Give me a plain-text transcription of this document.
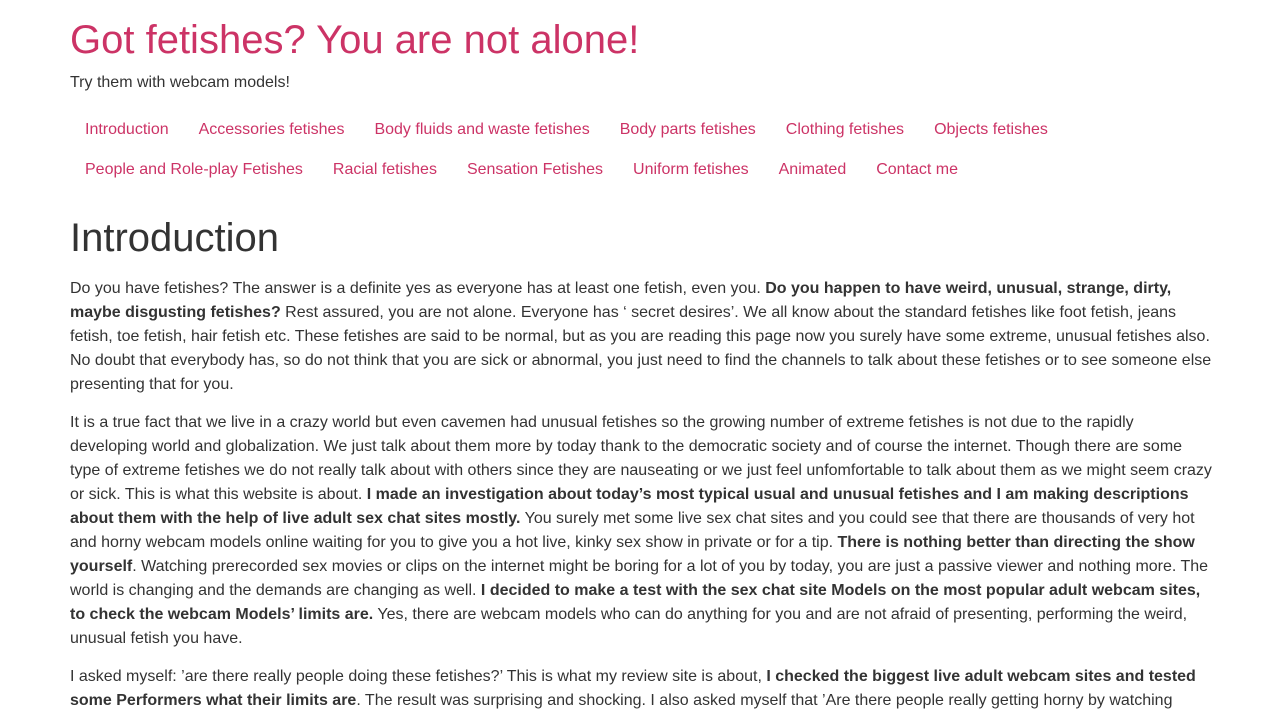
Got fetishes? You are not alone!

Try them with webcam models!

Introduction	Accessories fetishes	Body fluids and waste fetishes	Body parts fetishes	Clothing fetishes	Objects fetishes
People and Role-play Fetishes	Racial fetishes	Sensation Fetishes	Uniform fetishes	Animated	Contact me
Introduction

Do you have fetishes? The answer is a definite yes as everyone has at least one fetish, even you. Do you happen to have weird, unusual, strange, dirty, maybe disgusting fetishes? Rest assured, you are not alone. Everyone has ‘ secret desires’. We all know about the standard fetishes like foot fetish, jeans fetish, toe fetish, hair fetish etc. These fetishes are said to be normal, but as you are reading this page now you surely have some extreme, unusual fetishes also. No doubt that everybody has, so do not think that you are sick or abnormal, you just need to find the channels to talk about these fetishes or to see someone else presenting that for you.

It is a true fact that we live in a crazy world but even cavemen had unusual fetishes so the growing number of extreme fetishes is not due to the rapidly developing world and globalization. We just talk about them more by today thank to the democratic society and of course the internet. Though there are some type of extreme fetishes we do not really talk about with others since they are nauseating or we just feel unfomfortable to talk about them as we might seem crazy or sick. This is what this website is about. I made an investigation about today’s most typical usual and unusual fetishes and I am making descriptions about them with the help of live adult sex chat sites mostly. You surely met some live sex chat sites and you could see that there are thousands of very hot and horny webcam models online waiting for you to give you a hot live, kinky sex show in private or for a tip. There is nothing better than directing the show yourself. Watching prerecorded sex movies or clips on the internet might be boring for a lot of you by today, you are just a passive viewer and nothing more. The world is changing and the demands are changing as well. I decided to make a test with the sex chat site Models on the most popular adult webcam sites, to check the webcam Models’ limits are. Yes, there are webcam models who can do anything for you and are not afraid of presenting, performing the weird, unusual fetish you have.

I asked myself: ’are there really people doing these fetishes?’ This is what my review site is about, I checked the biggest live adult webcam sites and tested some Performers what their limits are. The result was surprising and shocking. I also asked myself that ’Are there people really getting horny by watching
